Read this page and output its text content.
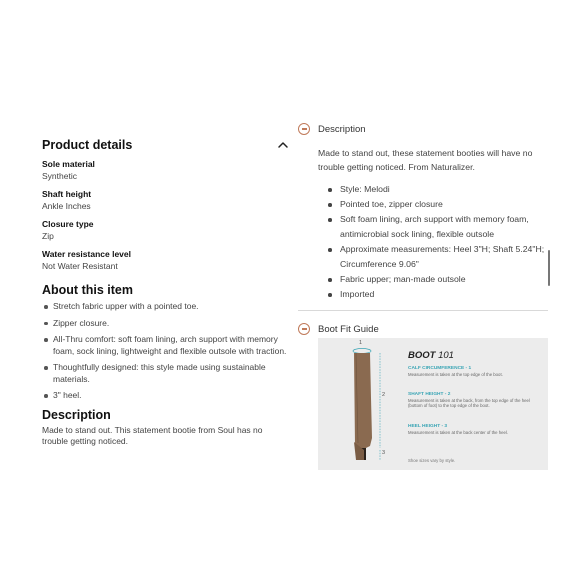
Product details
Sole material
Synthetic
Shaft height
Ankle Inches
Closure type
Zip
Water resistance level
Not Water Resistant
About this item
Stretch fabric upper with a pointed toe.
Zipper closure.
All-Thru comfort: soft foam lining, arch support with memory foam, sock lining, lightweight and flexible outsole with traction.
Thoughtfully designed: this style made using sustainable materials.
3" heel.
Description
Made to stand out. This statement bootie from Soul has no trouble getting noticed.
Description
Made to stand out, these statement booties will have no trouble getting noticed. From Naturalizer.
Style: Melodi
Pointed toe, zipper closure
Soft foam lining, arch support with memory foam, antimicrobial sock lining, flexible outsole
Approximate measurements: Heel 3"H; Shaft 5.24"H; Circumference 9.06"
Fabric upper; man-made outsole
Imported
Boot Fit Guide
1
2
3
BOOT 101
CALF CIRCUMFERENCE - 1
Measurement is taken at the top edge of the boot.
SHAFT HEIGHT - 2
Measurement is taken at the back, from the top edge of the heel (bottom of foot) to the top edge of the boot.
HEEL HEIGHT - 3
Measurement is taken at the back center of the heel.
Shoe sizes vary by style.
